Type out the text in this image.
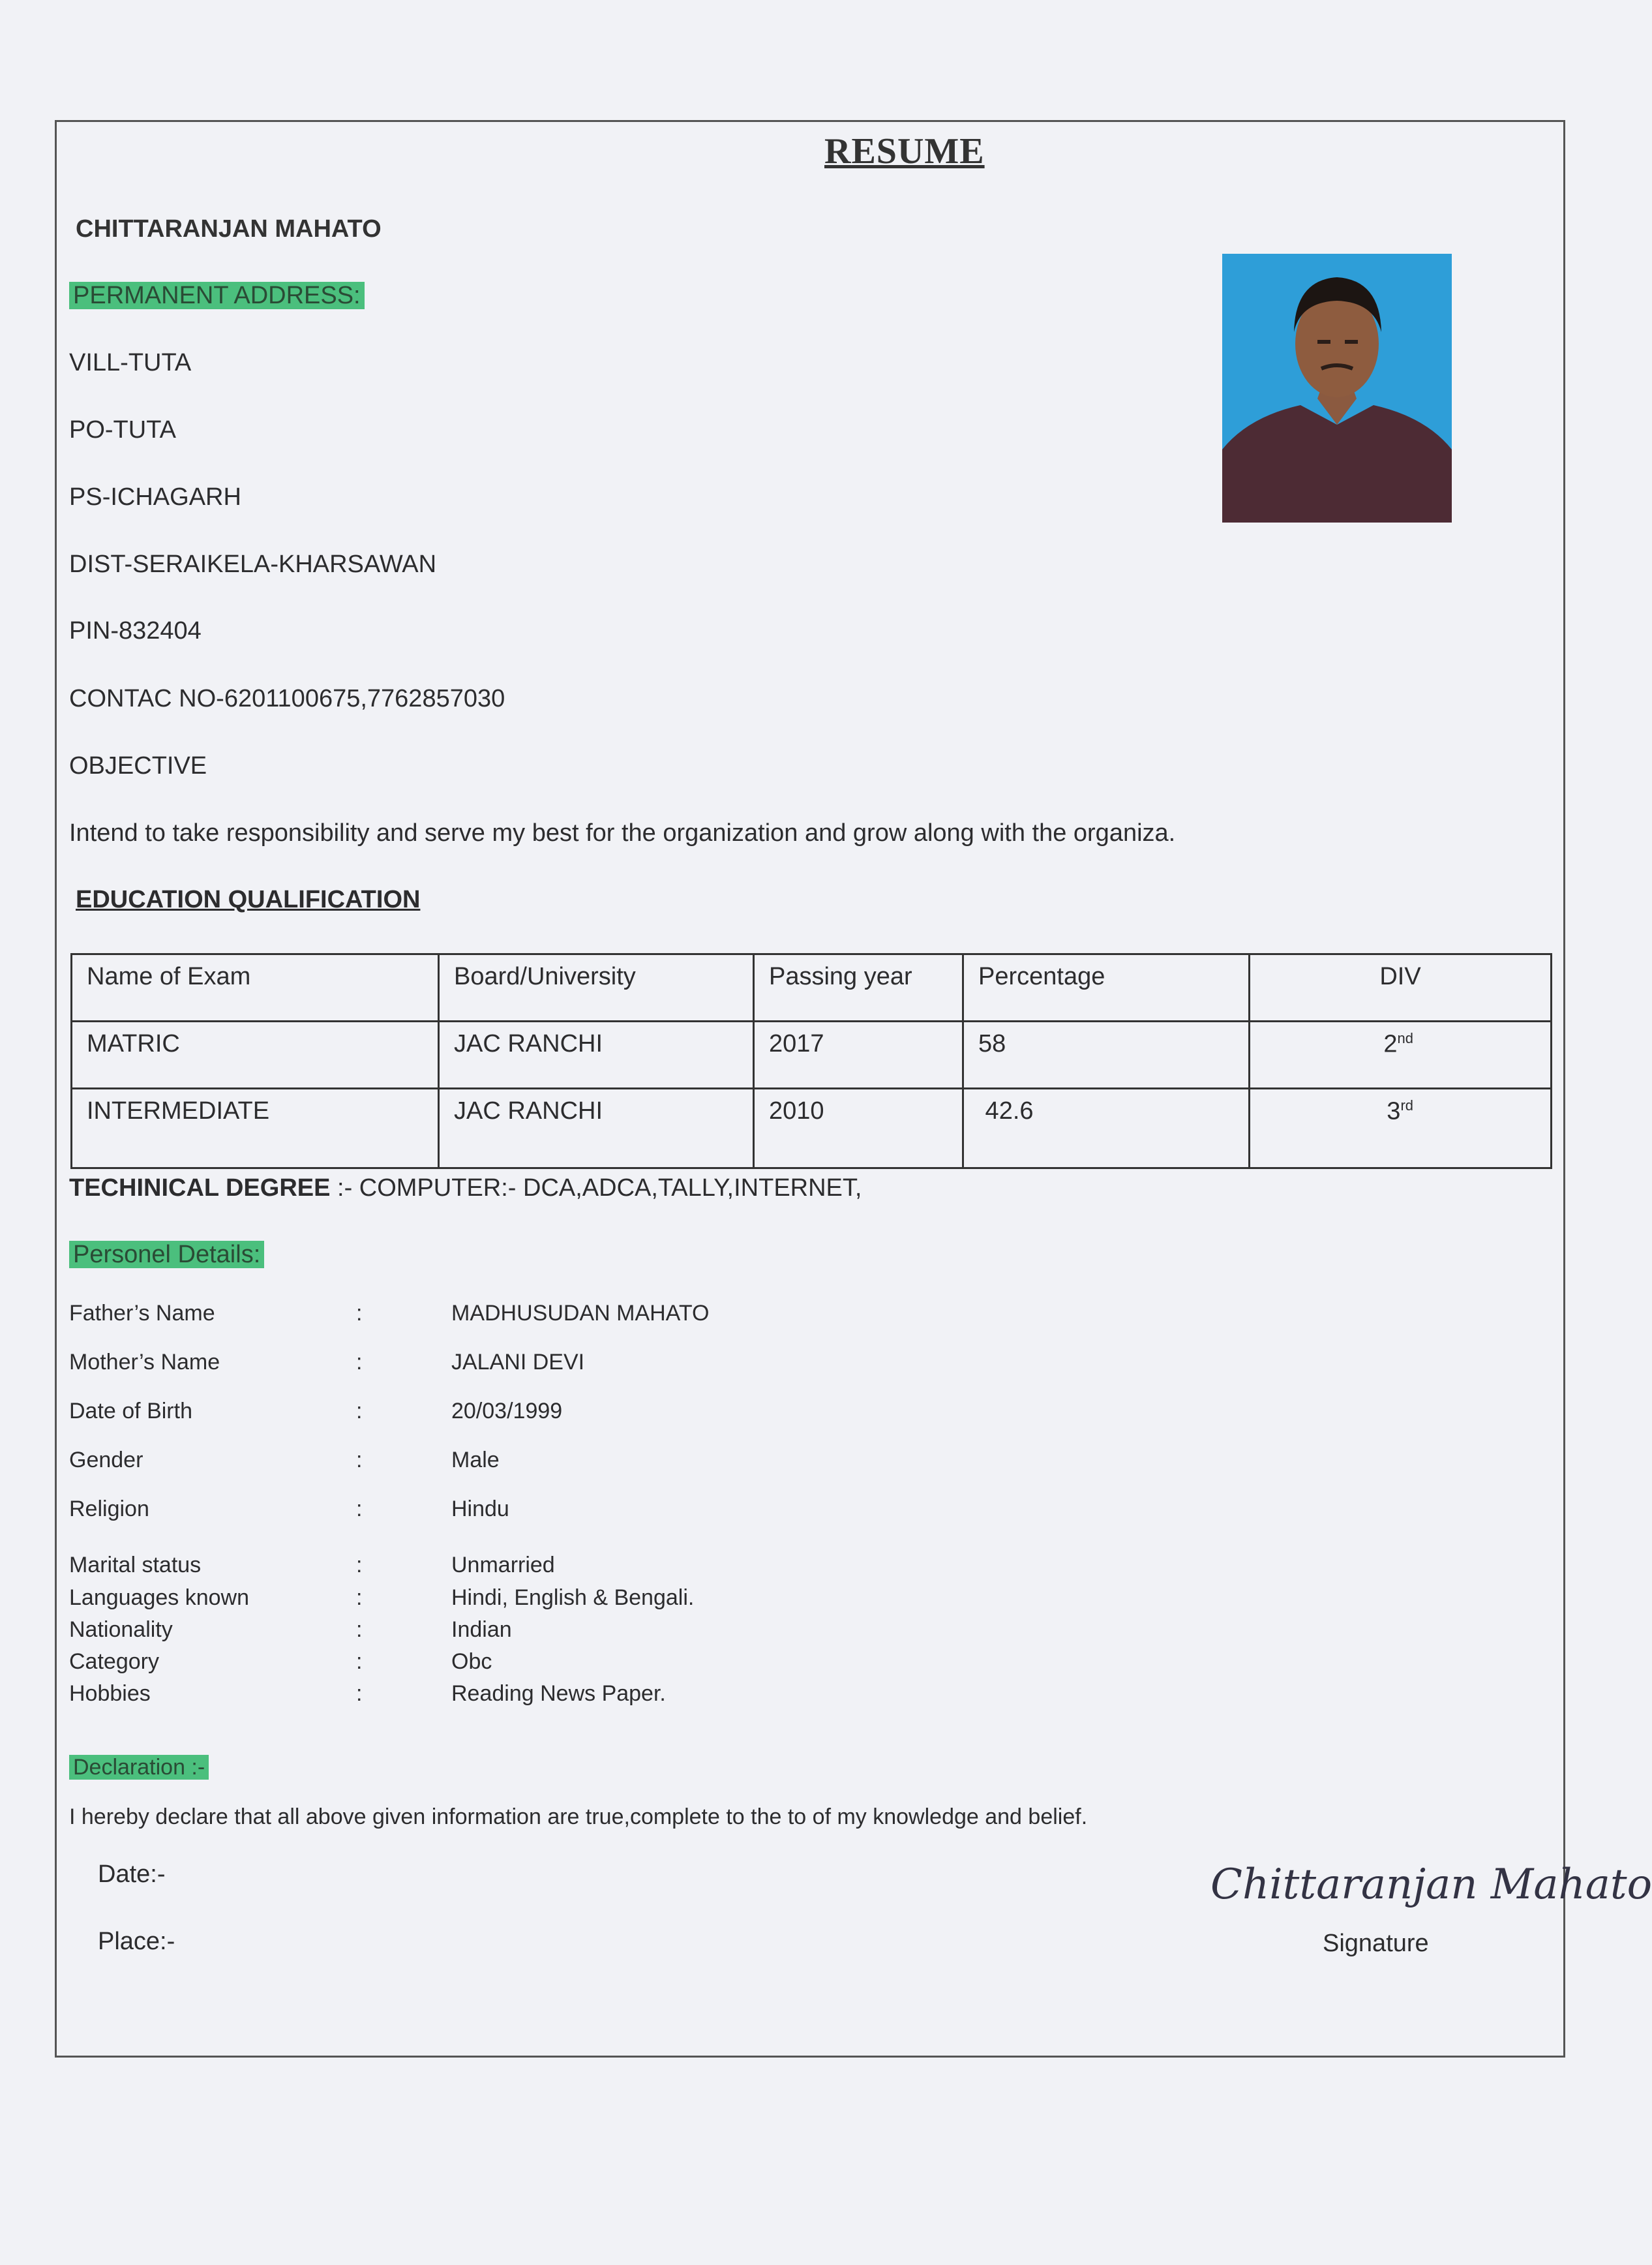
RESUME
CHITTARANJAN MAHATO
PERMANENT ADDRESS:
VILL-TUTA
PO-TUTA
PS-ICHAGARH
DIST-SERAIKELA-KHARSAWAN
PIN-832404
CONTAC NO-6201100675,7762857030
OBJECTIVE
Intend to take responsibility and serve my best for the organization and grow along with the organiza.
EDUCATION QUALIFICATION
Name of Exam	Board/University	Passing year	Percentage	DIV

MATRIC	JAC RANCHI	2017	58	2nd

INTERMEDIATE	JAC RANCHI	2010	42.6	3rd
TECHINICAL DEGREE :- COMPUTER:- DCA,ADCA,TALLY,INTERNET,
Personel Details:
Father’s Name	:	MADHUSUDAN MAHATO
Mother’s Name	:	JALANI DEVI
Date of Birth	:	20/03/1999
Gender	:	Male
Religion	:	Hindu
Marital status	:	Unmarried
Languages known	:	Hindi, English & Bengali.
Nationality	:	Indian
Category	:	Obc
Hobbies	:	Reading News Paper.
Declaration :-
I hereby declare that all above given information are true,complete to the to of my knowledge and belief.
Date:-
Place:-
Chittaranjan Mahato
Signature
